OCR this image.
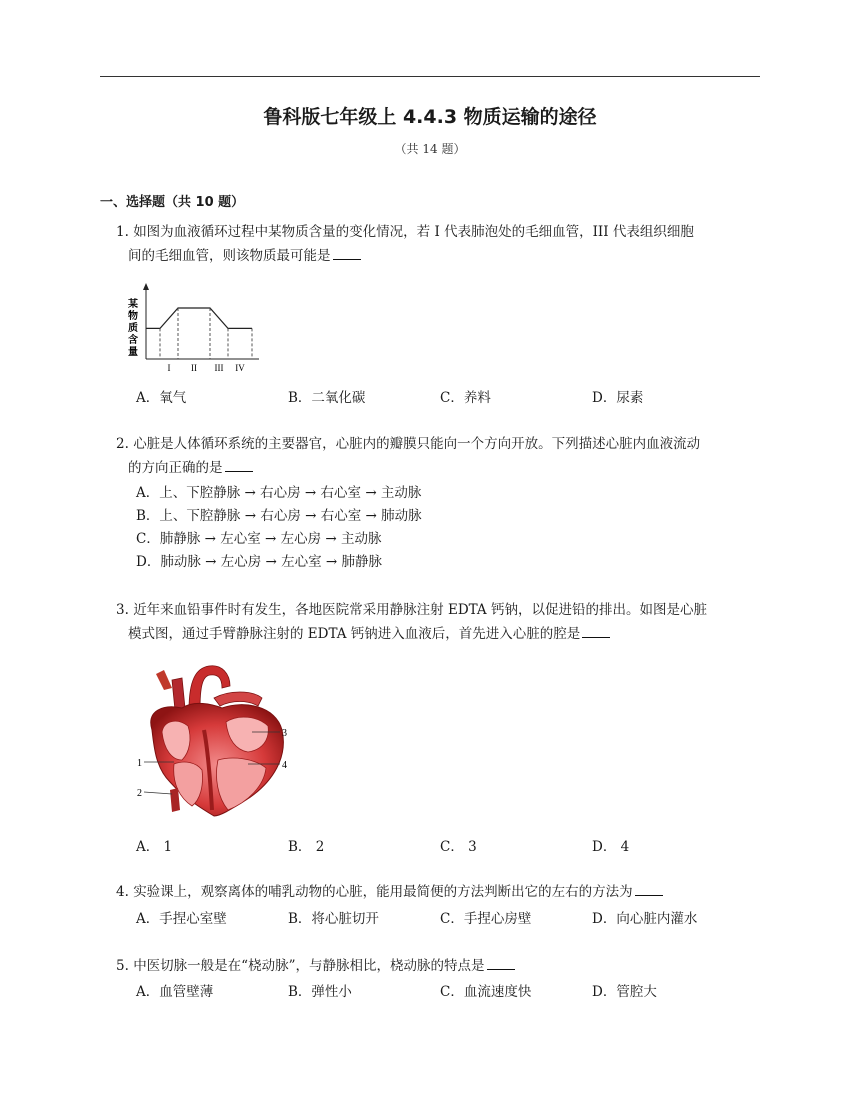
鲁科版七年级上 4.4.3 物质运输的途径
（共 14 题）
一、选择题（共 10 题）
1. 如图为血液循环过程中某物质含量的变化情况，若 I 代表肺泡处的毛细血管，III 代表组织细胞
间的毛细血管，则该物质最可能是
某
物
质
含
量
I II III IV
A．氧气	B．二氧化碳	C．养料	D．尿素
2. 心脏是人体循环系统的主要器官，心脏内的瓣膜只能向一个方向开放。下列描述心脏内血液流动
的方向正确的是
A．上、下腔静脉 → 右心房 → 右心室 → 主动脉
B．上、下腔静脉 → 右心房 → 右心室 → 肺动脉
C．肺静脉 → 左心室 → 左心房 → 主动脉
D．肺动脉 → 左心房 → 左心室 → 肺静脉
3. 近年来血铅事件时有发生，各地医院常采用静脉注射 EDTA 钙钠，以促进铅的排出。如图是心脏
模式图，通过手臂静脉注射的 EDTA 钙钠进入血液后，首先进入心脏的腔是
1
2
3
4
A． 1	B． 2	C． 3	D． 4
4. 实验课上，观察离体的哺乳动物的心脏，能用最简便的方法判断出它的左右的方法为
A．手捏心室壁	B．将心脏切开	C．手捏心房壁	D．向心脏内灌水
5. 中医切脉一般是在“桡动脉”，与静脉相比，桡动脉的特点是
A．血管壁薄	B．弹性小	C．血流速度快	D．管腔大
